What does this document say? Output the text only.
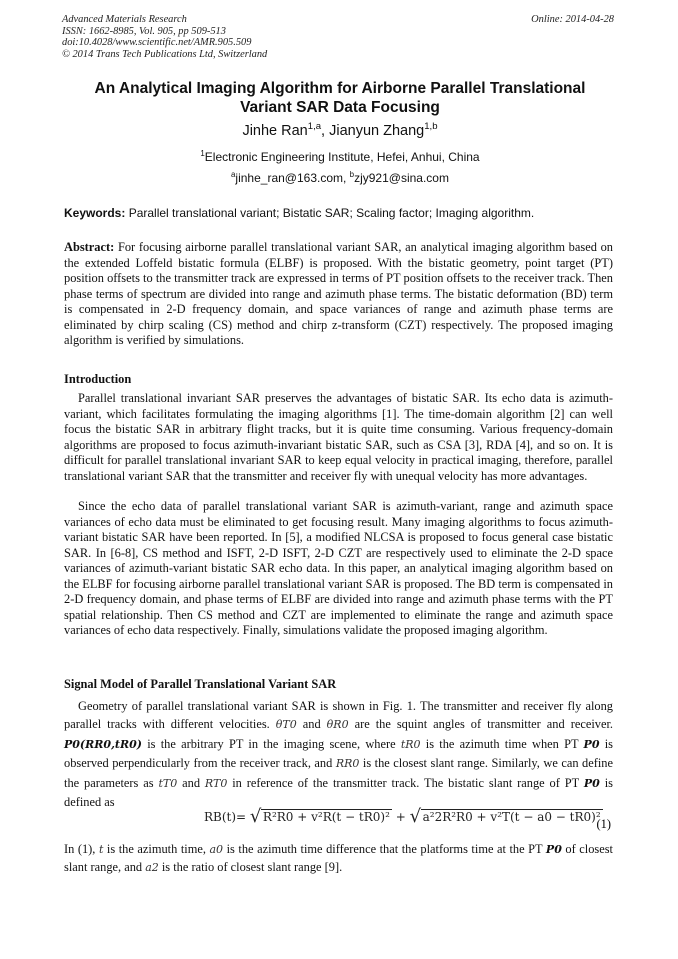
Advanced Materials Research
ISSN: 1662-8985, Vol. 905, pp 509-513
doi:10.4028/www.scientific.net/AMR.905.509
© 2014 Trans Tech Publications Ltd, Switzerland
Online: 2014-04-28
An Analytical Imaging Algorithm for Airborne Parallel Translational Variant SAR Data Focusing
Jinhe Ran$^{1,a}$, Jianyun Zhang$^{1,b}$
$^1$Electronic Engineering Institute, Hefei, Anhui, China
$^a$jinhe_ran@163.com, $^b$zjy921@sina.com
Keywords: Parallel translational variant; Bistatic SAR; Scaling factor; Imaging algorithm.
Abstract: For focusing airborne parallel translational variant SAR, an analytical imaging algorithm based on the extended Loffeld bistatic formula (ELBF) is proposed. With the bistatic geometry, point target (PT) position offsets to the transmitter track are expressed in terms of PT position offsets to the receiver track. Then phase terms of spectrum are divided into range and azimuth phase terms. The bistatic deformation (BD) term is compensated in 2-D frequency domain, and space variances of range and azimuth phase terms are eliminated by chirp scaling (CS) method and chirp z-transform (CZT) respectively. The proposed imaging algorithm is verified by simulations.
Introduction
Parallel translational invariant SAR preserves the advantages of bistatic SAR. Its echo data is azimuth-variant, which facilitates formulating the imaging algorithms [1]. The time-domain algorithm [2] can well focus the bistatic SAR in arbitrary flight tracks, but it is quite time consuming. Various frequency-domain algorithms are proposed to focus azimuth-invariant bistatic SAR, such as CSA [3], RDA [4], and so on. It is difficult for parallel translational invariant SAR to keep equal velocity in practical imaging, therefore, parallel translational variant SAR that the transmitter and receiver fly with unequal velocity has more advantages.
Since the echo data of parallel translational variant SAR is azimuth-variant, range and azimuth space variances of echo data must be eliminated to get focusing result. Many imaging algorithms to focus azimuth-variant bistatic SAR have been reported. In [5], a modified NLCSA is proposed to focus general case bistatic SAR. In [6-8], CS method and ISFT, 2-D ISFT, 2-D CZT are respectively used to eliminate the 2-D space variances of azimuth-variant bistatic SAR echo data. In this paper, an analytical imaging algorithm based on the ELBF for focusing airborne parallel translational variant SAR is proposed. The BD term is compensated in 2-D frequency domain, and phase terms of ELBF are divided into range and azimuth phase terms with the PT spatial relationship. Then CS method and CZT are implemented to eliminate the range and azimuth space variances of echo data respectively. Finally, simulations validate the proposed imaging algorithm.
Signal Model of Parallel Translational Variant SAR
Geometry of parallel translational variant SAR is shown in Fig. 1. The transmitter and receiver fly along parallel tracks with different velocities. θT0 and θR0 are the squint angles of transmitter and receiver. P0(RR0,tR0) is the arbitrary PT in the imaging scene, where tR0 is the azimuth time when PT P0 is observed perpendicularly from the receiver track, and RR0 is the closest slant range. Similarly, we can define the parameters as tT0 and RT0 in reference of the transmitter track. The bistatic slant range of PT P0 is defined as
RB(t)= √ R²R0 + v²R(t − tR0)² + √ a²2R²R0 + v²T(t − a0 − tR0)²
(1)
In (1), t is the azimuth time, a0 is the azimuth time difference that the platforms time at the PT P0 of closest slant range, and a2 is the ratio of closest slant range [9].
